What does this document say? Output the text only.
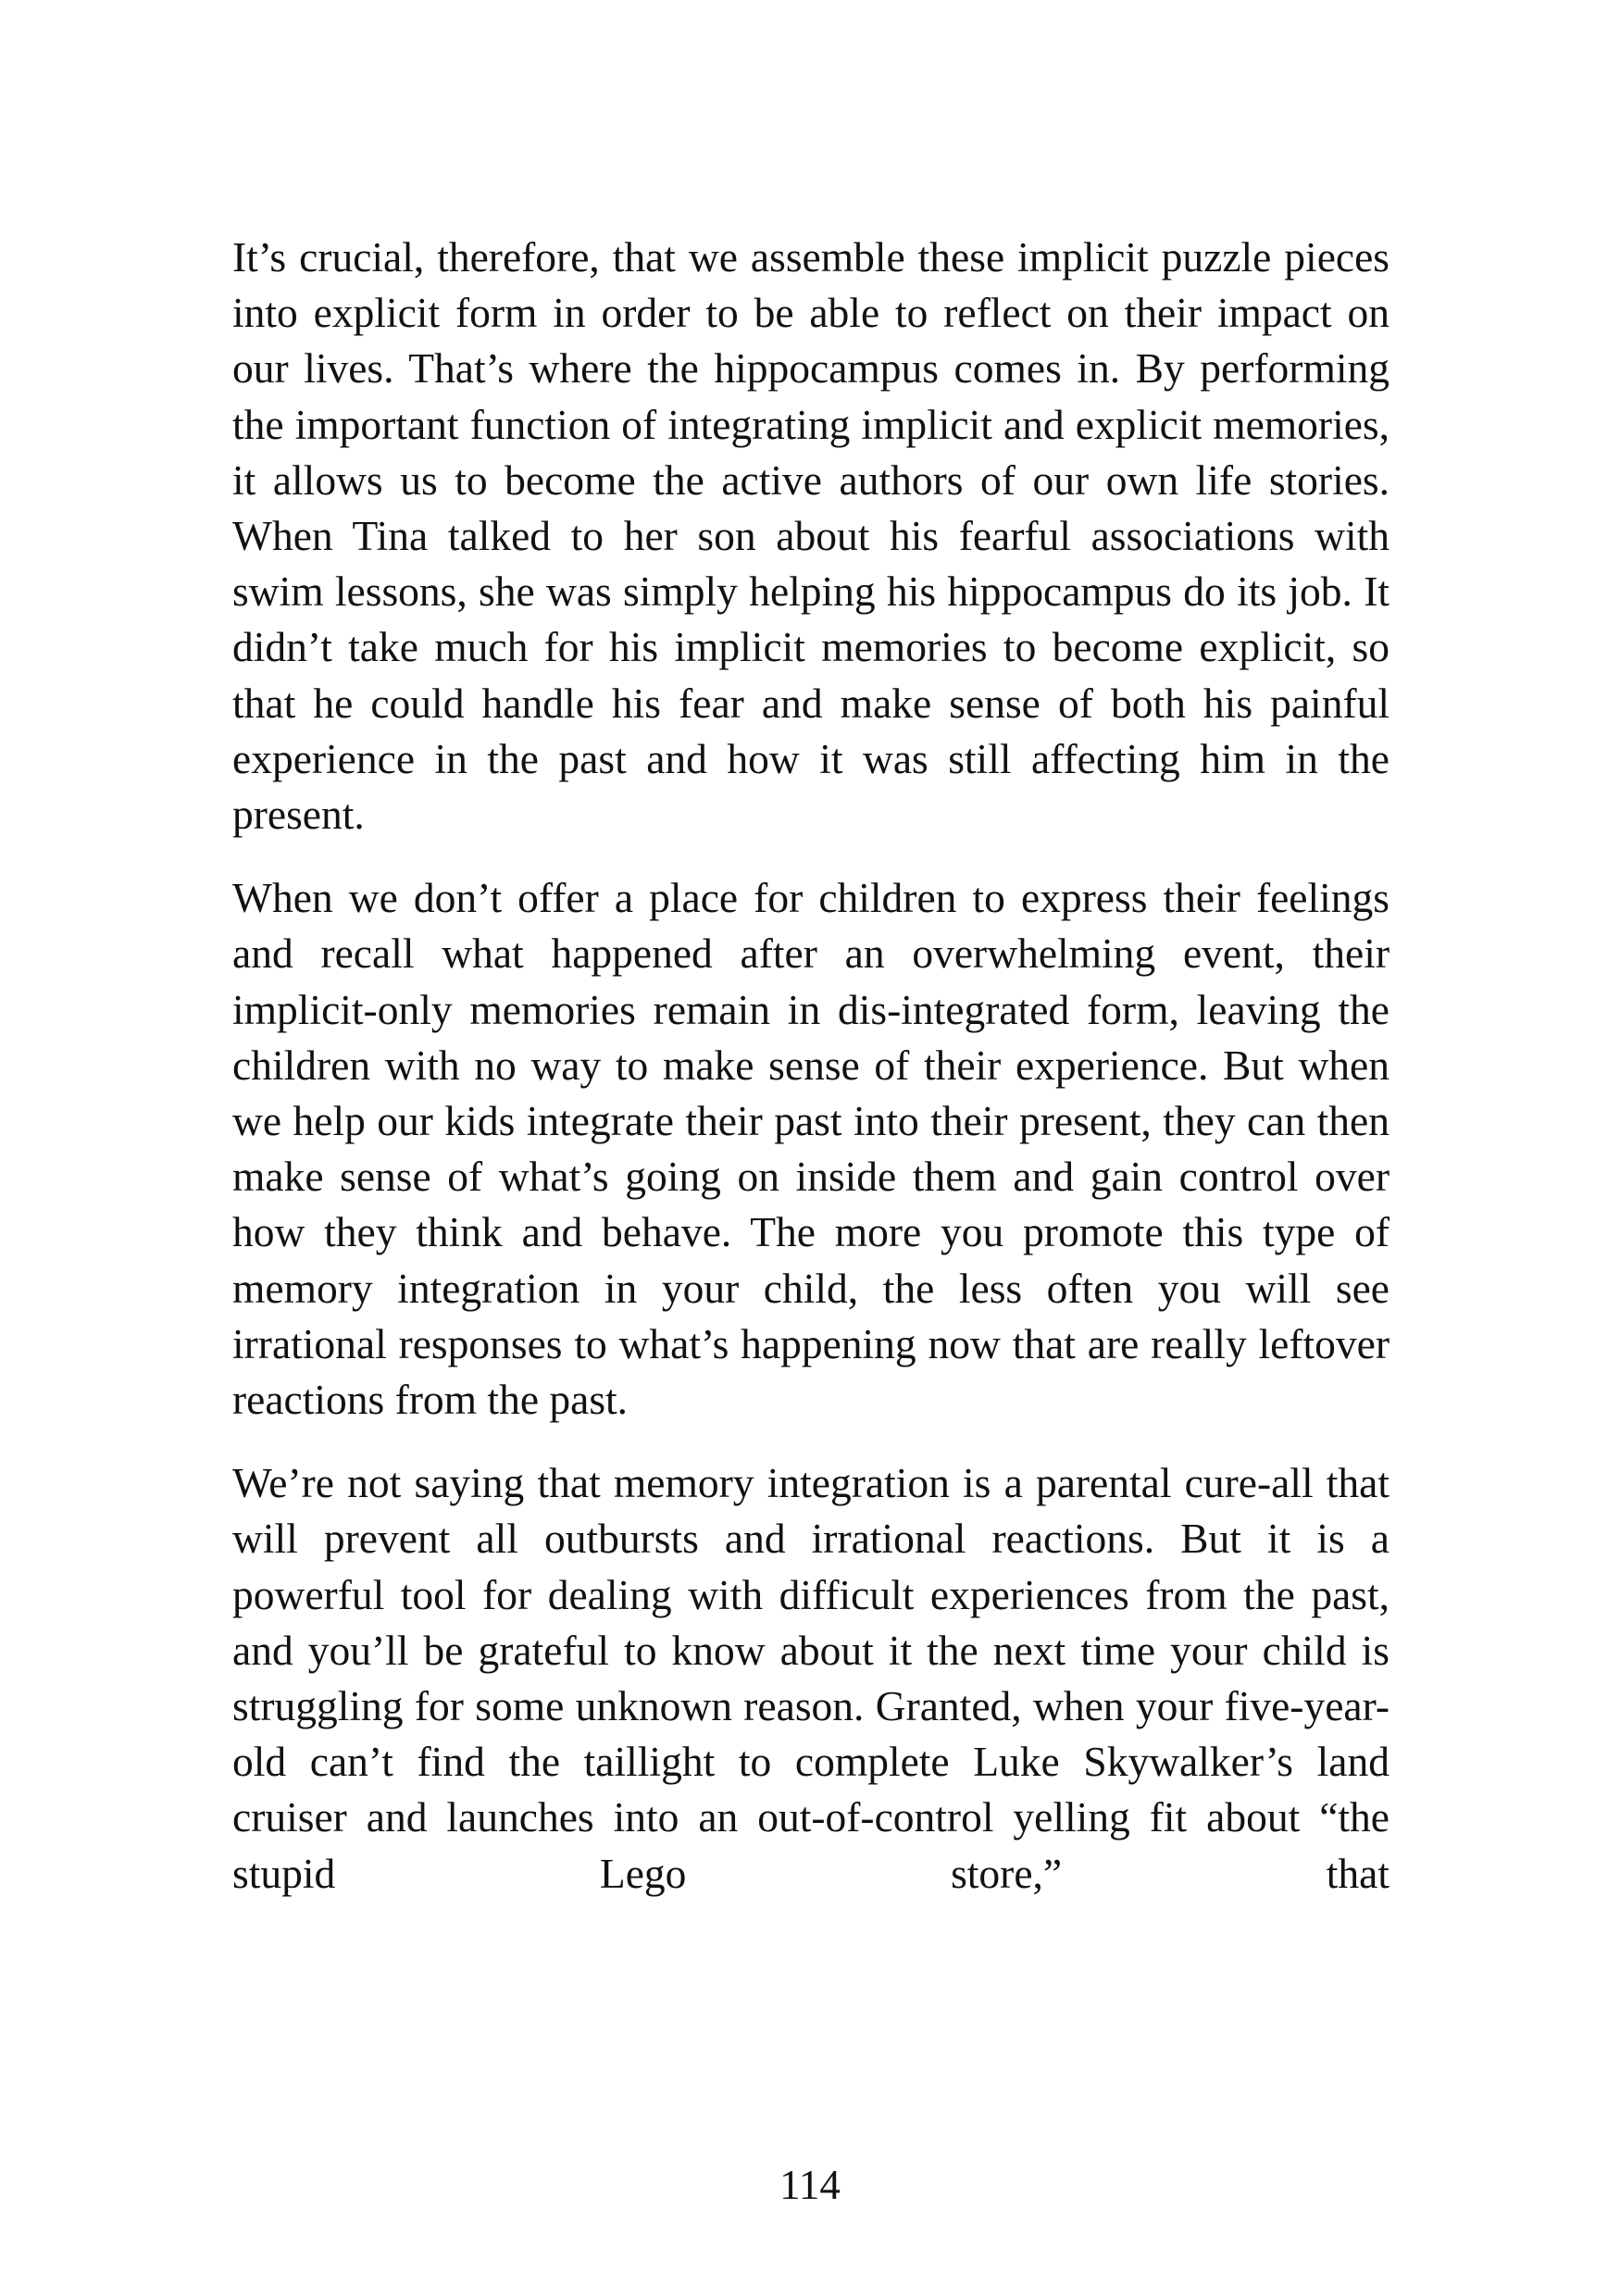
It’s crucial, therefore, that we assemble these implicit puzzle pieces into explicit form in order to be able to reflect on their impact on our lives. That’s where the hippocampus comes in. By performing the important function of integrating implicit and explicit memories, it allows us to become the active authors of our own life stories. When Tina talked to her son about his fearful associations with swim lessons, she was simply helping his hippocampus do its job. It didn’t take much for his implicit memories to become explicit, so that he could handle his fear and make sense of both his painful experience in the past and how it was still affecting him in the present.

When we don’t offer a place for children to express their feelings and recall what happened after an overwhelming event, their implicit-only memories remain in dis-integrated form, leaving the children with no way to make sense of their experience. But when we help our kids integrate their past into their present, they can then make sense of what’s going on inside them and gain control over how they think and behave. The more you promote this type of memory integration in your child, the less often you will see irrational responses to what’s happening now that are really leftover reactions from the past.

We’re not saying that memory integration is a parental cure-all that will prevent all outbursts and irrational reactions. But it is a powerful tool for dealing with difficult experiences from the past, and you’ll be grateful to know about it the next time your child is struggling for some unknown reason. Granted, when your five-year-old can’t find the taillight to complete Luke Skywalker’s land cruiser and launches into an out-of-control yelling fit about “the stupid Lego store,” that

114
